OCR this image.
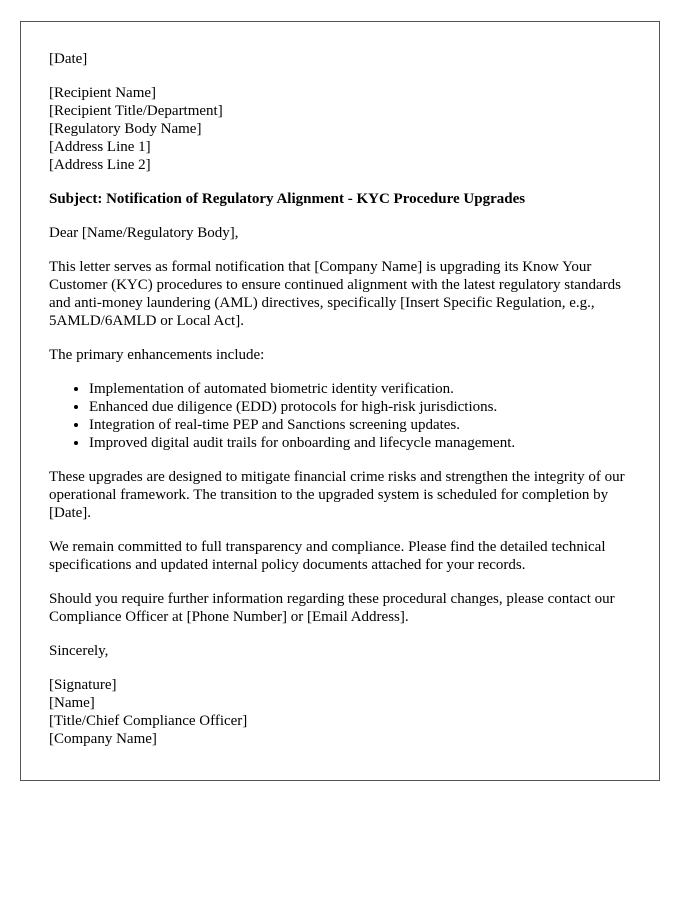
[Date]

[Recipient Name]
[Recipient Title/Department]
[Regulatory Body Name]
[Address Line 1]
[Address Line 2]

Subject: Notification of Regulatory Alignment - KYC Procedure Upgrades

Dear [Name/Regulatory Body],

This letter serves as formal notification that [Company Name] is upgrading its Know Your Customer (KYC) procedures to ensure continued alignment with the latest regulatory standards and anti-money laundering (AML) directives, specifically [Insert Specific Regulation, e.g., 5AMLD/6AMLD or Local Act].

The primary enhancements include:

• Implementation of automated biometric identity verification.
• Enhanced due diligence (EDD) protocols for high-risk jurisdictions.
• Integration of real-time PEP and Sanctions screening updates.
• Improved digital audit trails for onboarding and lifecycle management.

These upgrades are designed to mitigate financial crime risks and strengthen the integrity of our operational framework. The transition to the upgraded system is scheduled for completion by [Date].

We remain committed to full transparency and compliance. Please find the detailed technical specifications and updated internal policy documents attached for your records.

Should you require further information regarding these procedural changes, please contact our Compliance Officer at [Phone Number] or [Email Address].

Sincerely,

[Signature]
[Name]
[Title/Chief Compliance Officer]
[Company Name]
